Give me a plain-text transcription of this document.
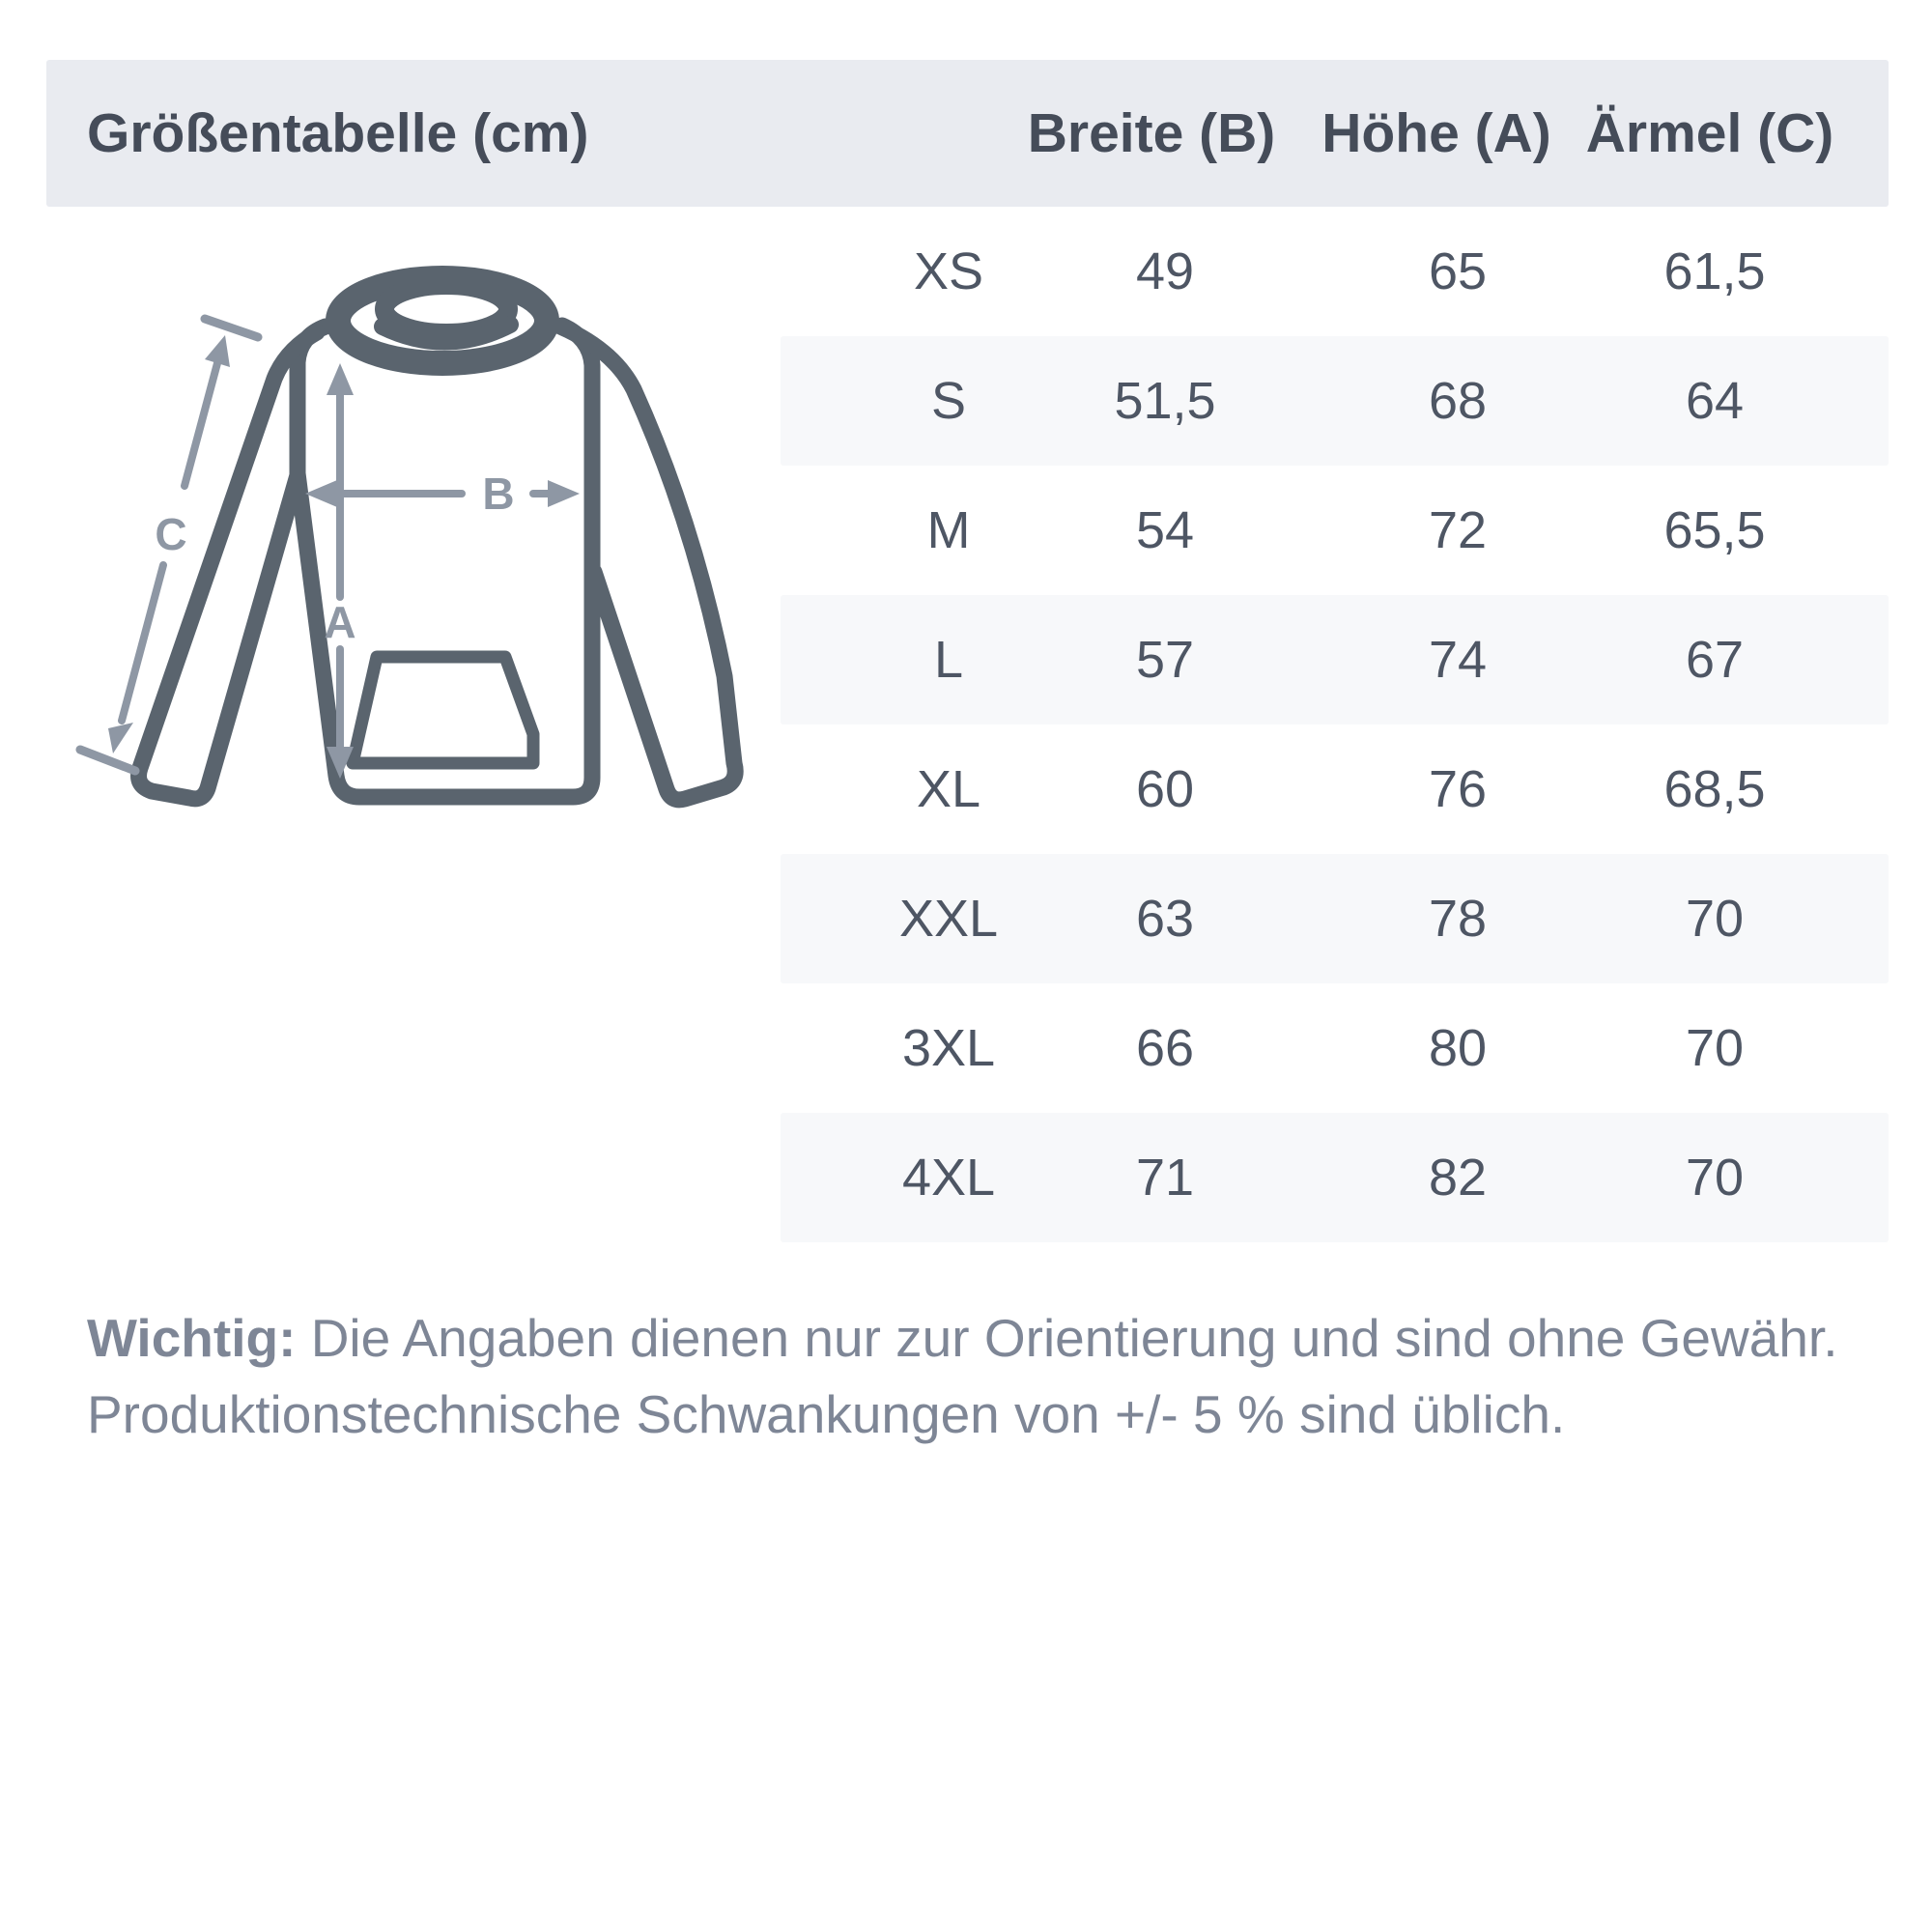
Größentabelle (cm)	Breite (B) Höhe (A) Ärmel (C)
XS	49	65	61,5
S	51,5	68	64
M	54	72	65,5
L	57	74	67
XL	60	76	68,5
XXL	63	78	70
3XL	66	80	70
4XL	71	82	70
A
B
C

Wichtig: Die Angaben dienen nur zur Orientierung und sind ohne Gewähr.

Produktionstechnische Schwankungen von +/- 5 % sind üblich.
